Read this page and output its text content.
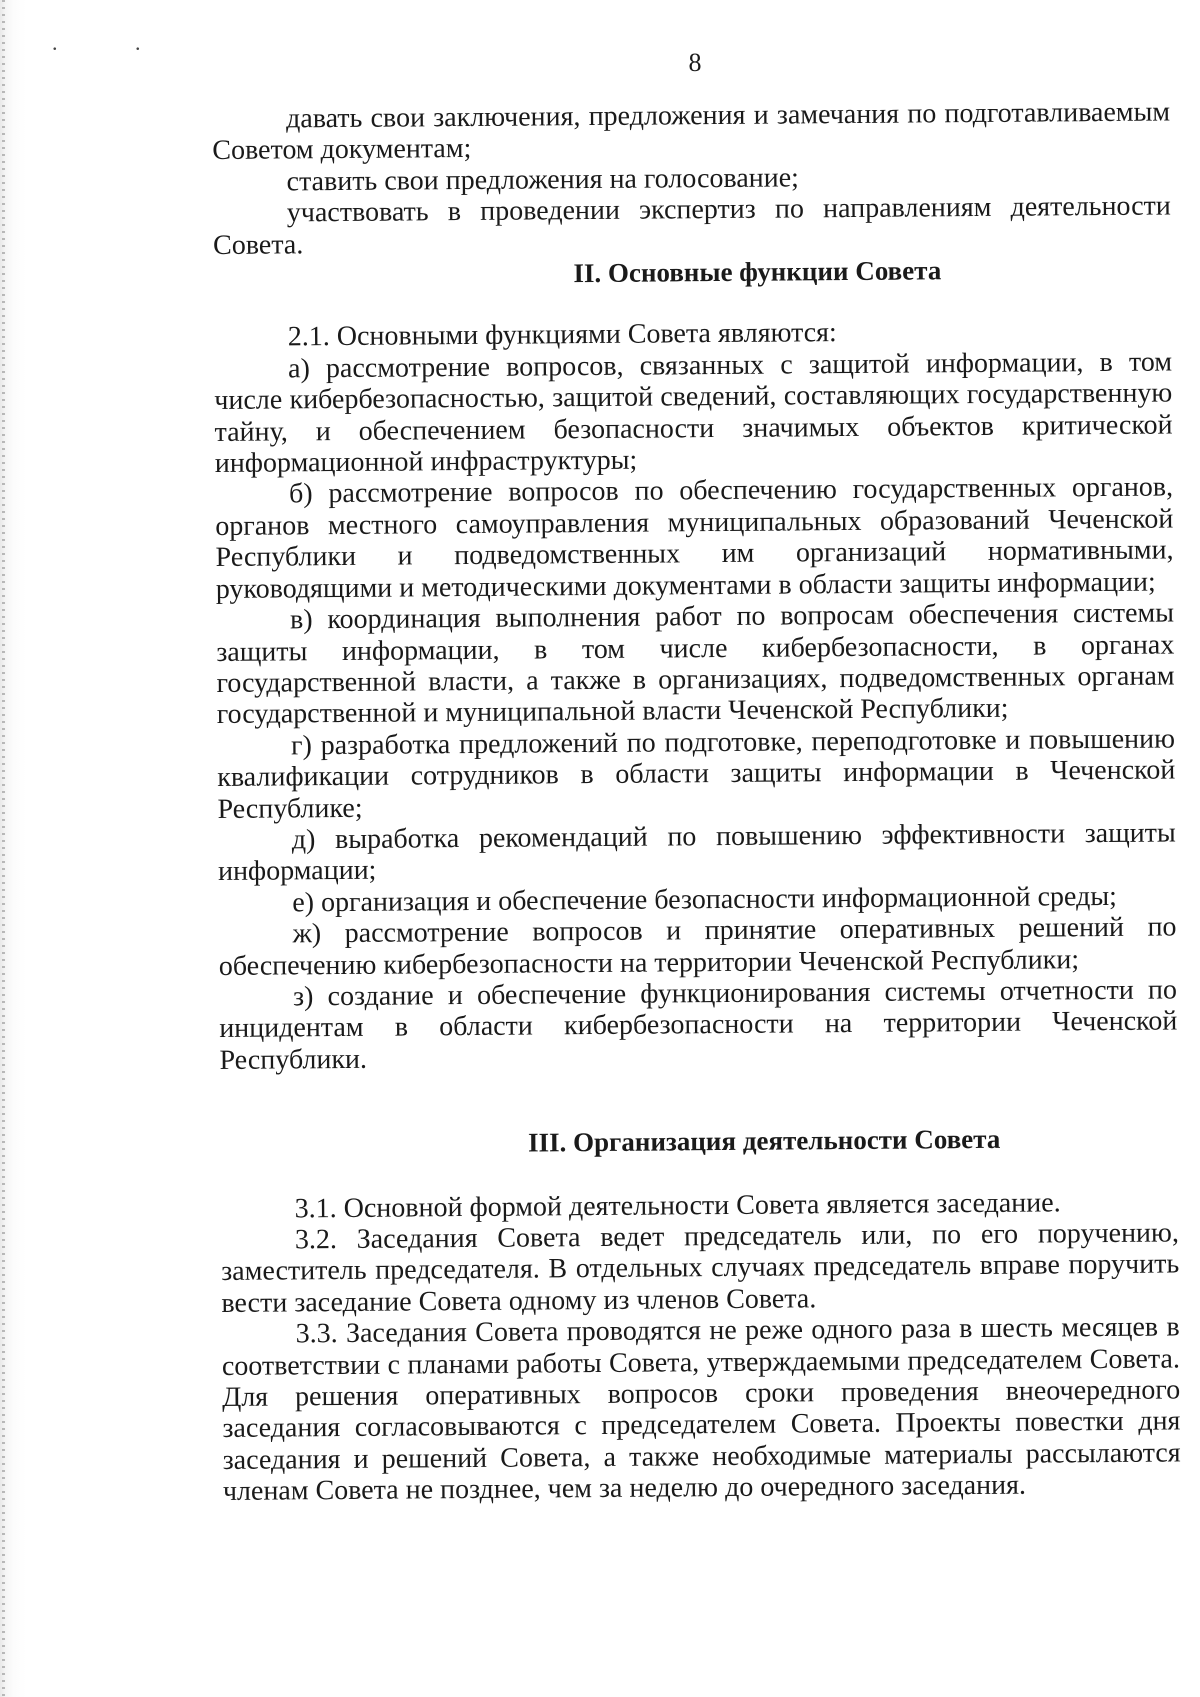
. .
8

давать свои заключения, предложения и замечания по подготавливаемым Советом документам;

ставить свои предложения на голосование;

участвовать в проведении экспертиз по направлениям деятельности Совета.

II. Основные функции Совета

2.1. Основными функциями Совета являются:

а) рассмотрение вопросов, связанных с защитой информации, в том числе кибербезопасностью, защитой сведений, составляющих государственную тайну, и обеспечением безопасности значимых объектов критической информационной инфраструктуры;

б) рассмотрение вопросов по обеспечению государственных органов, органов местного самоуправления муниципальных образований Чеченской Республики и подведомственных им организаций нормативными, руководящими и методическими документами в области защиты информации;

в) координация выполнения работ по вопросам обеспечения системы защиты информации, в том числе кибербезопасности, в органах государственной власти, а также в организациях, подведомственных органам государственной и муниципальной власти Чеченской Республики;

г) разработка предложений по подготовке, переподготовке и повышению квалификации сотрудников в области защиты информации в Чеченской Республике;

д) выработка рекомендаций по повышению эффективности защиты информации;

е) организация и обеспечение безопасности информационной среды;

ж) рассмотрение вопросов и принятие оперативных решений по обеспечению кибербезопасности на территории Чеченской Республики;

з) создание и обеспечение функционирования системы отчетности по инцидентам в области кибербезопасности на территории Чеченской Республики.

III. Организация деятельности Совета

3.1. Основной формой деятельности Совета является заседание.

3.2. Заседания Совета ведет председатель или, по его поручению, заместитель председателя. В отдельных случаях председатель вправе поручить вести заседание Совета одному из членов Совета.

3.3. Заседания Совета проводятся не реже одного раза в шесть месяцев в соответствии с планами работы Совета, утверждаемыми председателем Совета. Для решения оперативных вопросов сроки проведения внеочередного заседания согласовываются с председателем Совета. Проекты повестки дня заседания и решений Совета, а также необходимые материалы рассылаются членам Совета не позднее, чем за неделю до очередного заседания.
